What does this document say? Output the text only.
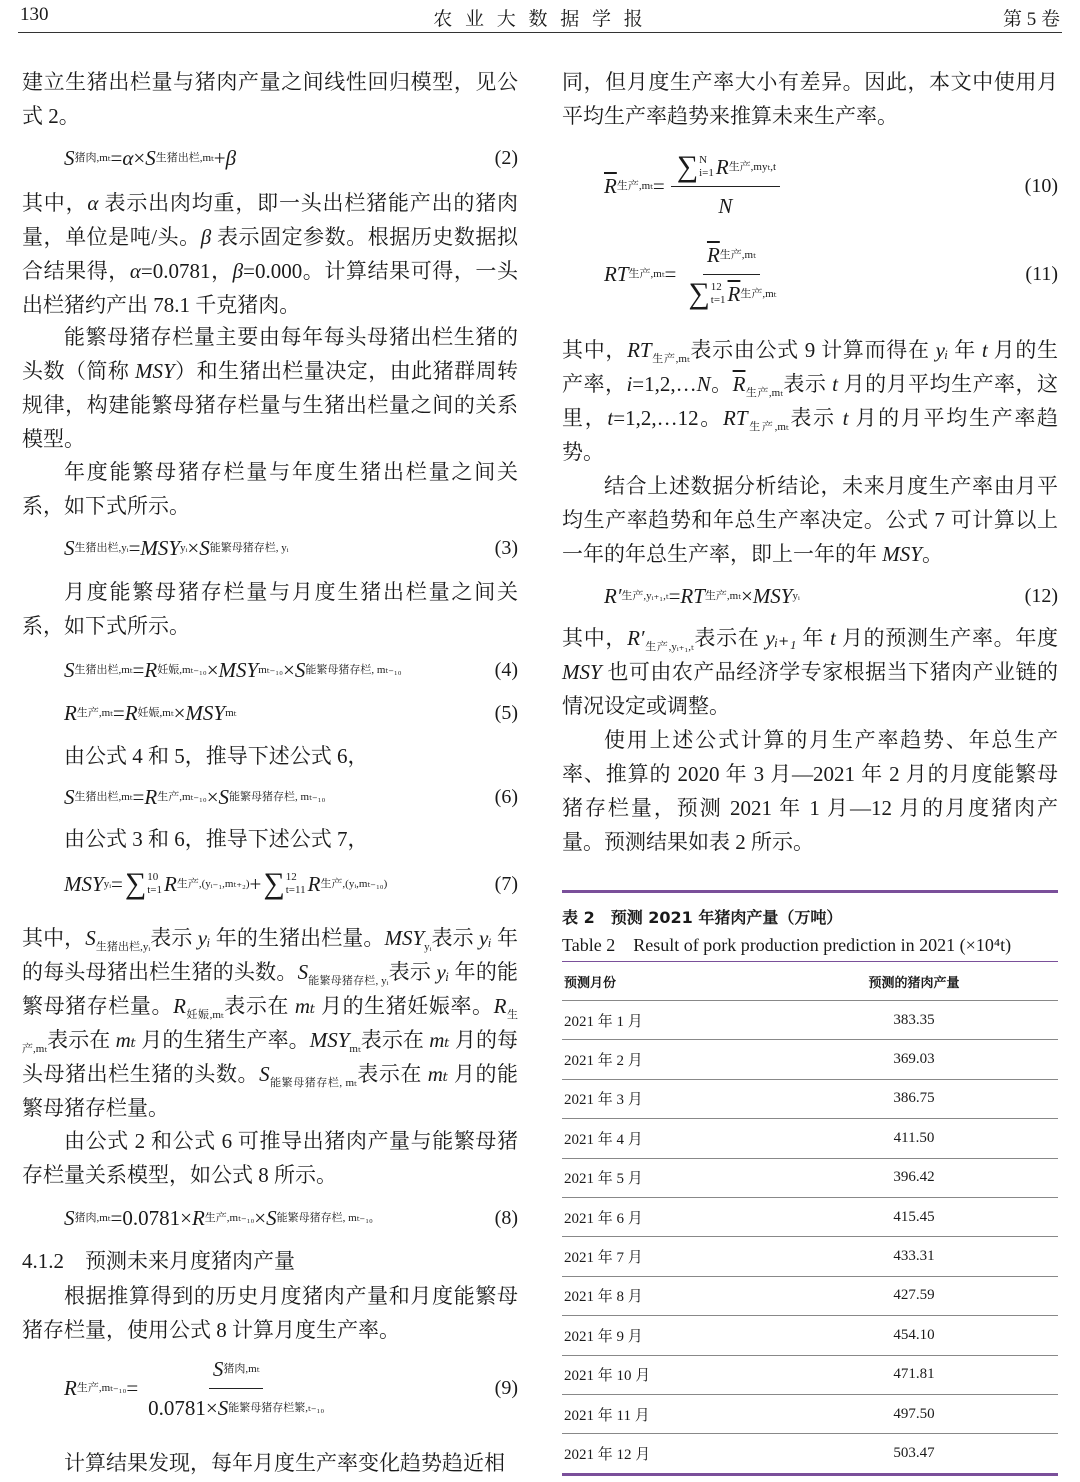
130	农 业 大 数 据 学 报	第 5 卷
建立生猪出栏量与猪肉产量之间线性回归模型，见公式 2。
S 猪肉,mₜ = α × S 生猪出栏,mₜ + β	(2)
其中，α 表示出肉均重，即一头出栏猪能产出的猪肉量，单位是吨/头。β 表示固定参数。根据历史数据拟合结果得，α=0.0781，β=0.000。计算结果可得，一头出栏猪约产出 78.1 千克猪肉。
能繁母猪存栏量主要由每年每头母猪出栏生猪的头数（简称 MSY）和生猪出栏量决定，由此猪群周转规律，构建能繁母猪存栏量与生猪出栏量之间的关系模型。
年度能繁母猪存栏量与年度生猪出栏量之间关系，如下式所示。
S 生猪出栏,yᵢ = MSY yᵢ × S 能繁母猪存栏, yᵢ	(3)
月度能繁母猪存栏量与月度生猪出栏量之间关系，如下式所示。
S 生猪出栏,mₜ = R 妊娠,mₜ₋₁₀ × MSY mₜ₋₁₀ × S 能繁母猪存栏, mₜ₋₁₀	(4)
R 生产,mₜ = R 妊娠,mₜ × MSY mₜ	(5)
由公式 4 和 5，推导下述公式 6，
S 生猪出栏,mₜ = R 生产,mₜ₋₁₀ × S 能繁母猪存栏, mₜ₋₁₀	(6)
由公式 3 和 6，推导下述公式 7，
MSY yᵢ = ∑ 10
t=1 R 生产,(yᵢ₋₁,mₜ₊₂) + ∑ 12
t=11 R 生产,(yᵢ,mₜ₋₁₀)	(7)
其中，$S_{生猪出栏,yᵢ}$表示 yᵢ 年的生猪出栏量。$MSY_{yᵢ}$表示 yᵢ 年的每头母猪出栏生猪的头数。$S_{能繁母猪存栏, yᵢ}$表示 yᵢ 年的能繁母猪存栏量。$R_{妊娠,m_t}$表示在 mₜ 月的生猪妊娠率。$R_{生产,m_t}$表示在 mₜ 月的生猪生产率。$MSY_{m_t}$表示在 mₜ 月的每头母猪出栏生猪的头数。$S_{能繁母猪存栏, m_t}$表示在 mₜ 月的能繁母猪存栏量。
由公式 2 和公式 6 可推导出猪肉产量与能繁母猪存栏量关系模型，如公式 8 所示。
S 猪肉,mₜ =0.0781× R 生产,mₜ₋₁₀ × S 能繁母猪存栏, mₜ₋₁₀	(8)
4.1.2　预测未来月度猪肉产量
根据推算得到的历史月度猪肉产量和月度能繁母猪存栏量，使用公式 8 计算月度生产率。
R 生产$,m_{t-10} = \frac{\text{S 猪肉,mₜ}}{\text{0.0781× S 能繁母猪存栏繁,ₜ₋₁₀}}$	(9)
计算结果发现，每年月度生产率变化趋势趋近相
同，但月度生产率大小有差异。因此，本文中使用月平均生产率趋势来推算未来生产率。
$\overline{R}$ 生产,mₜ = ∑ N
i=1 R 生产,myₜ,t
N	(10)
RT 生产$,m_t = \overline{R}$ 生产,mₜ
∑ 12
t=1 $\overline{R}$ 生产,mₜ	(11)
其中，$RT_{生产,m_t}$表示由公式 9 计算而得在 yᵢ 年 t 月的生产率，i=1,2,…N。$\overline{R}_{生产,m_t}$表示 t 月的月平均生产率，这里，t=1,2,…12。$RT_{生产,m_t}$表示 t 月的月平均生产率趋势。
结合上述数据分析结论，未来月度生产率由月平均生产率趋势和年总生产率决定。公式 7 可计算以上一年的年总生产率，即上一年的年 MSY。
R′ 生产,yᵢ₊₁,ₜ = RT 生产,mₜ × MSY yᵢ	(12)
其中，$R'_{生产,yᵢ_{+1},_t}$表示在 yᵢ₊₁ 年 t 月的预测生产率。年度 MSY 也可由农产品经济学专家根据当下猪肉产业链的情况设定或调整。
使用上述公式计算的月生产率趋势、年总生产率、推算的 2020 年 3 月—2021 年 2 月的月度能繁母猪存栏量，预测 2021 年 1 月—12 月的月度猪肉产量。预测结果如表 2 所示。
表 2　预测 2021 年猪肉产量（万吨）
Table 2　Result of pork production prediction in 2021 (×10⁴t)
预测月份	预测的猪肉产量
2021 年 1 月	383.35
2021 年 2 月	369.03
2021 年 3 月	386.75
2021 年 4 月	411.50
2021 年 5 月	396.42
2021 年 6 月	415.45
2021 年 7 月	433.31
2021 年 8 月	427.59
2021 年 9 月	454.10
2021 年 10 月	471.81
2021 年 11 月	497.50
2021 年 12 月	503.47
